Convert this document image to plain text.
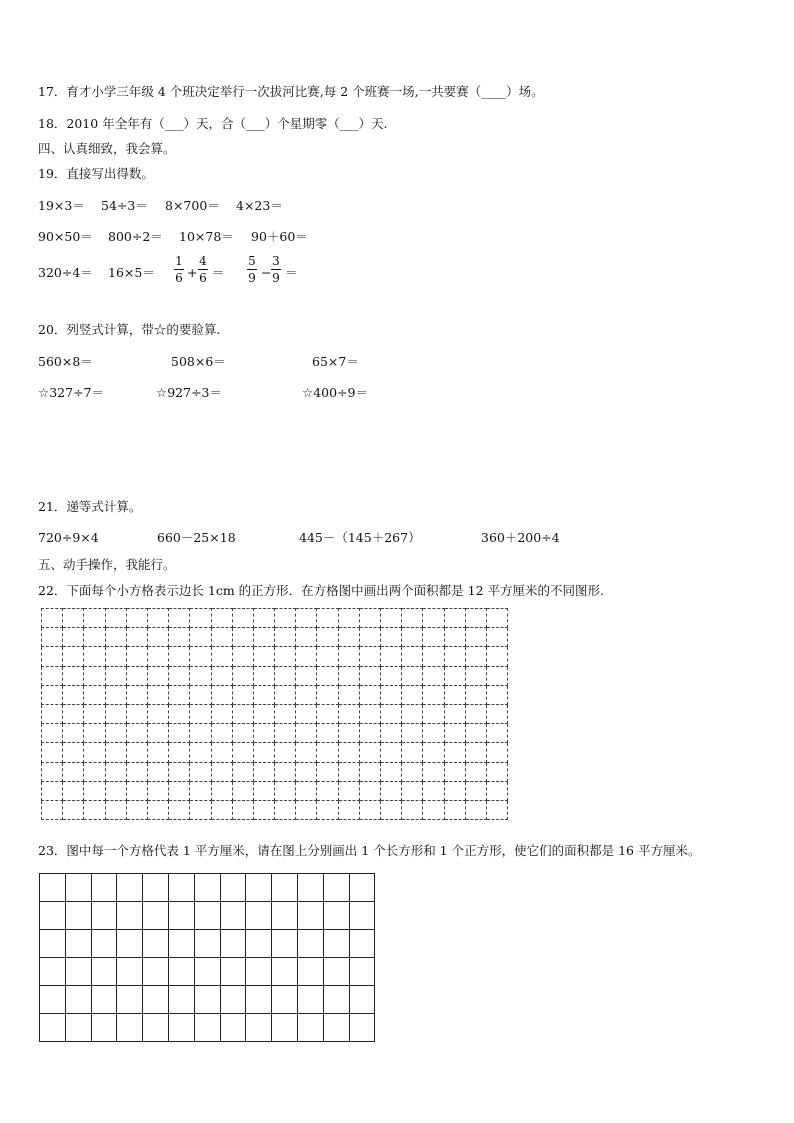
17．育才小学三年级 4 个班决定举行一次拔河比赛,每 2 个班赛一场,一共要赛（____）场。
18．2010 年全年有（___）天，合（___）个星期零（___）天.
四、认真细致，我会算。
19．直接写出得数。
19×3＝ 54÷3＝ 8×700＝ 4×23＝
90×50＝ 800÷2＝ 10×78＝ 90＋60＝
320÷4＝ 16×5＝
1
6 +
4
6 ＝
5
9 −
3
9 ＝
20．列竖式计算，带☆的要验算.
560×8＝	508×6＝	65×7＝
☆327÷7＝	☆927÷3＝	☆400÷9＝
21．递等式计算。
720÷9×4	660－25×18	445－（145＋267）	360＋200÷4
五、动手操作，我能行。
22．下面每个小方格表示边长 1cm 的正方形．在方格图中画出两个面积都是 12 平方厘米的不同图形.

23．图中每一个方格代表 1 平方厘米，请在图上分别画出 1 个长方形和 1 个正方形，使它们的面积都是 16 平方厘米。
